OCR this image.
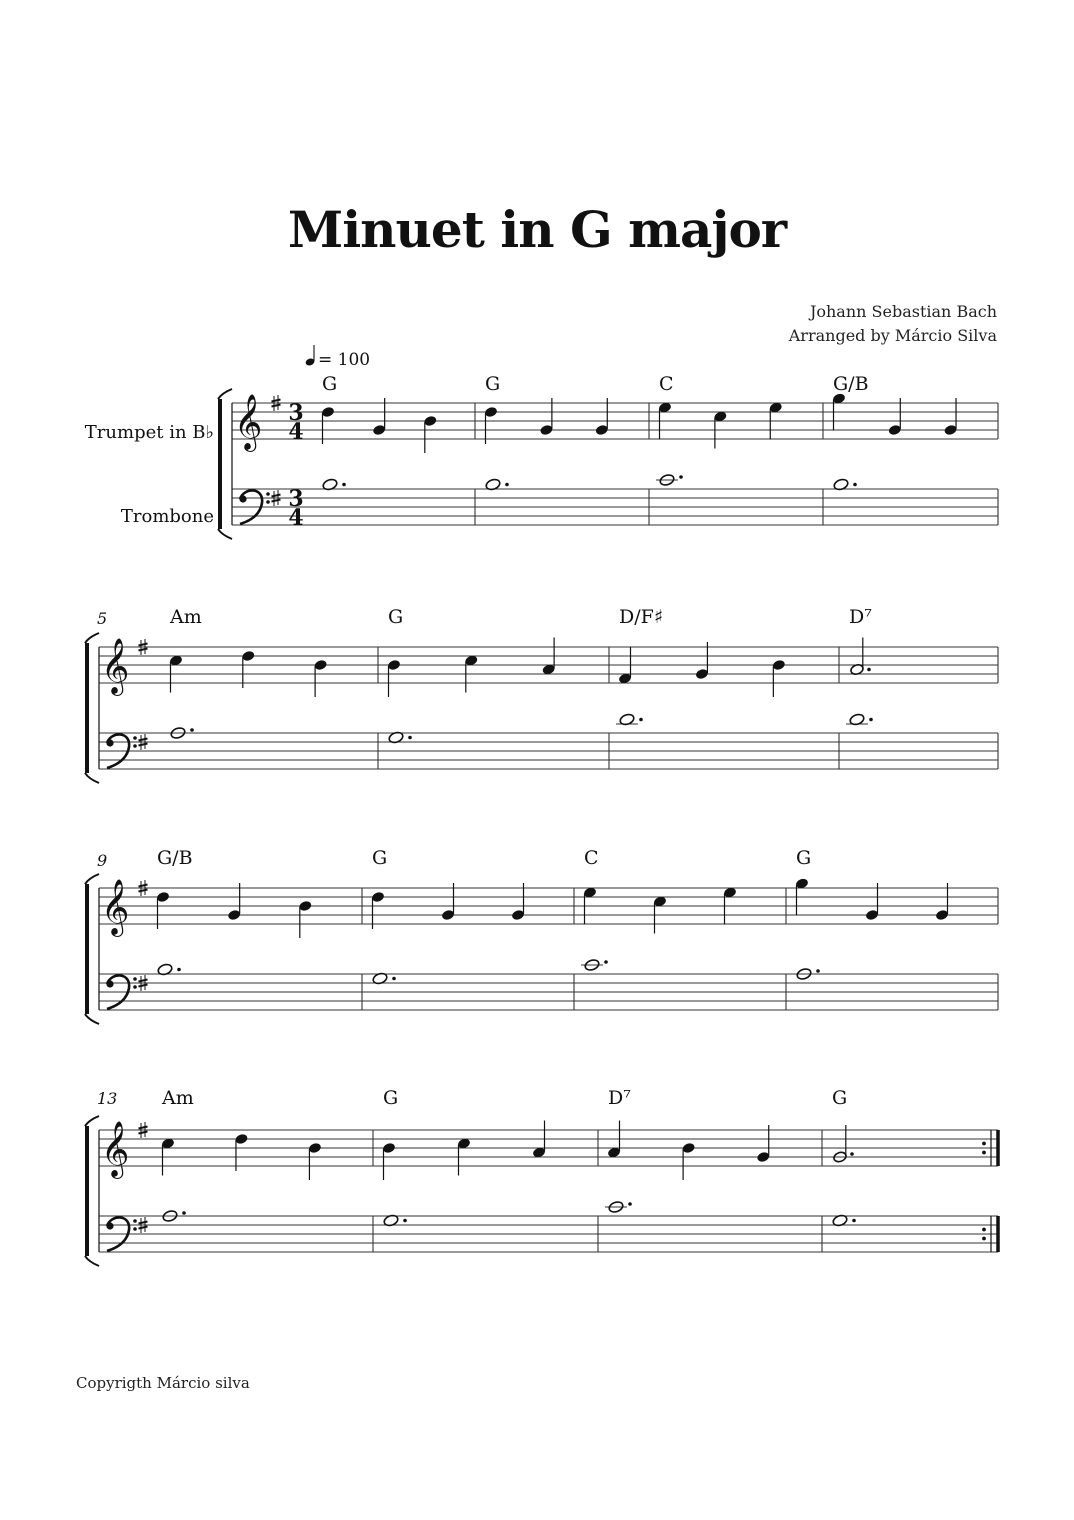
Minuet in G major
Johann Sebastian Bach
Arranged by Márcio Silva
= 100
𝄞 3
4
3
4
Trumpet in B♭
Trombone
G	G	C	G/B
𝄞
5	Am	G	D/F♯	D⁷
𝄞
9	G/B	G	C	G
𝄞
13 Am	G	D⁷	G
Copyrigth Márcio silva
